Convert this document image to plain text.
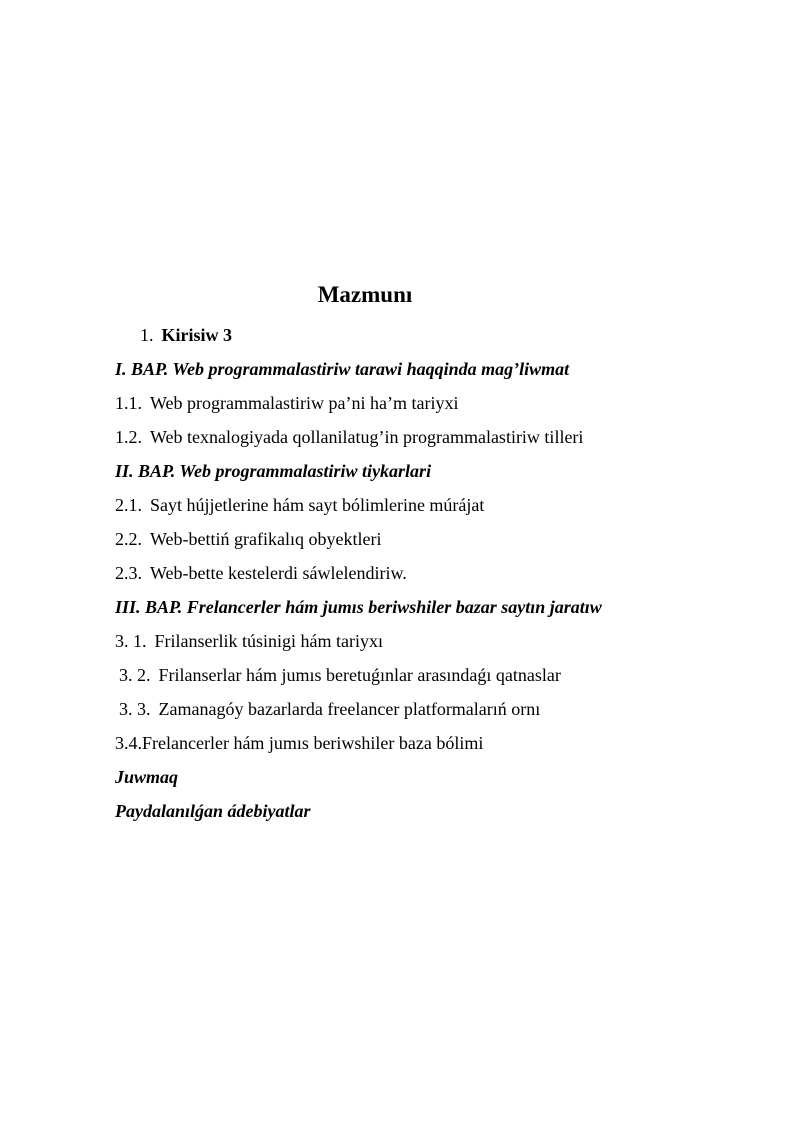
Mazmunı
1. Kirisiw 3
I. BAP. Web programmalastiriw tarawi haqqinda mag’liwmat
1.1. Web programmalastiriw pa’ni ha’m tariyxi
1.2. Web texnalogiyada qollanilatug’in programmalastiriw tilleri
II. BAP. Web programmalastiriw tiykarlari
2.1. Sayt hújjetlerine hám sayt bólimlerine múrájat
2.2. Web-bettiń grafikalıq obyektleri
2.3. Web-bette kestelerdi sáwlelendiriw.
III. BAP. Frelancerler hám jumıs beriwshiler bazar saytın jaratıw
3. 1. Frilanserlik túsinigi hám tariyxı
3. 2. Frilanserlar hám jumıs beretuǵınlar arasındaǵı qatnaslar
3. 3. Zamanagóy bazarlarda freelancer platformalarıń ornı
3.4.Frelancerler hám jumıs beriwshiler baza bólimi
Juwmaq
Paydalanılǵan ádebiyatlar
